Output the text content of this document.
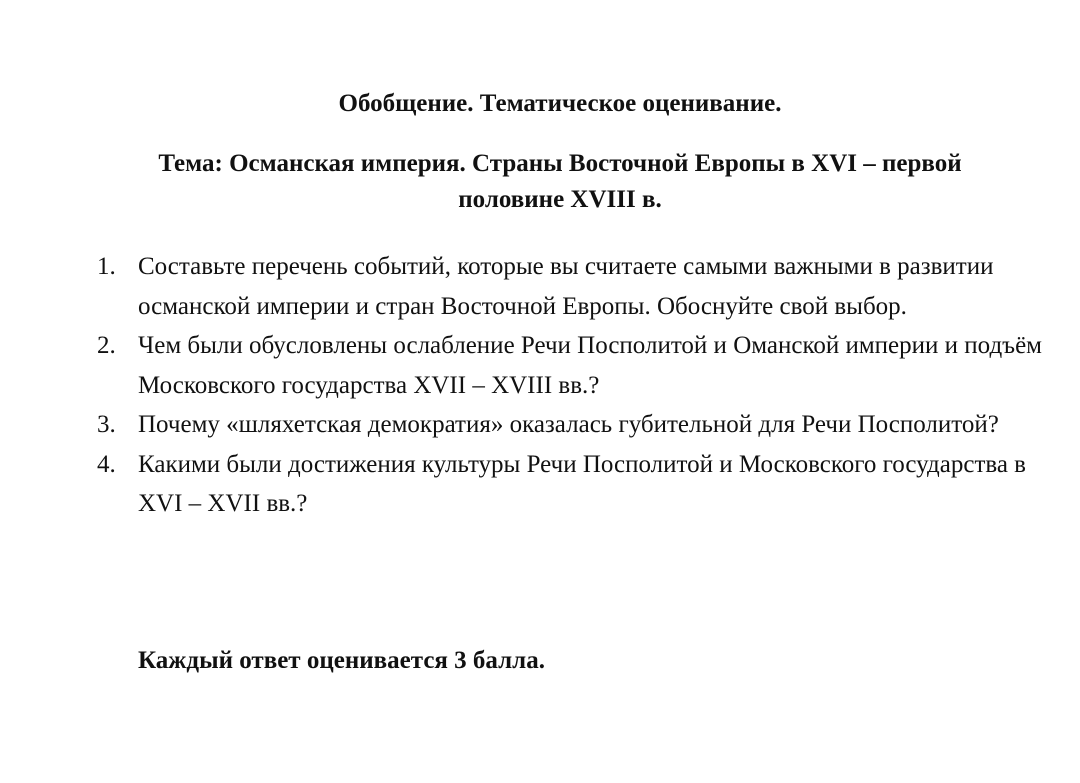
Обобщение. Тематическое оценивание.
Тема: Османская империя. Страны Восточной Европы в XVI – первой
половине XVIII в.
1. Составьте перечень событий, которые вы считаете самыми важными в развитии османской империи и стран Восточной Европы. Обоснуйте свой выбор.
2. Чем были обусловлены ослабление Речи Посполитой и Оманской империи и подъём Московского государства XVII – XVIII вв.?
3. Почему «шляхетская демократия» оказалась губительной для Речи Посполитой?
4. Какими были достижения культуры Речи Посполитой и Московского государства в XVI – XVII вв.?

Каждый ответ оценивается 3 балла.
